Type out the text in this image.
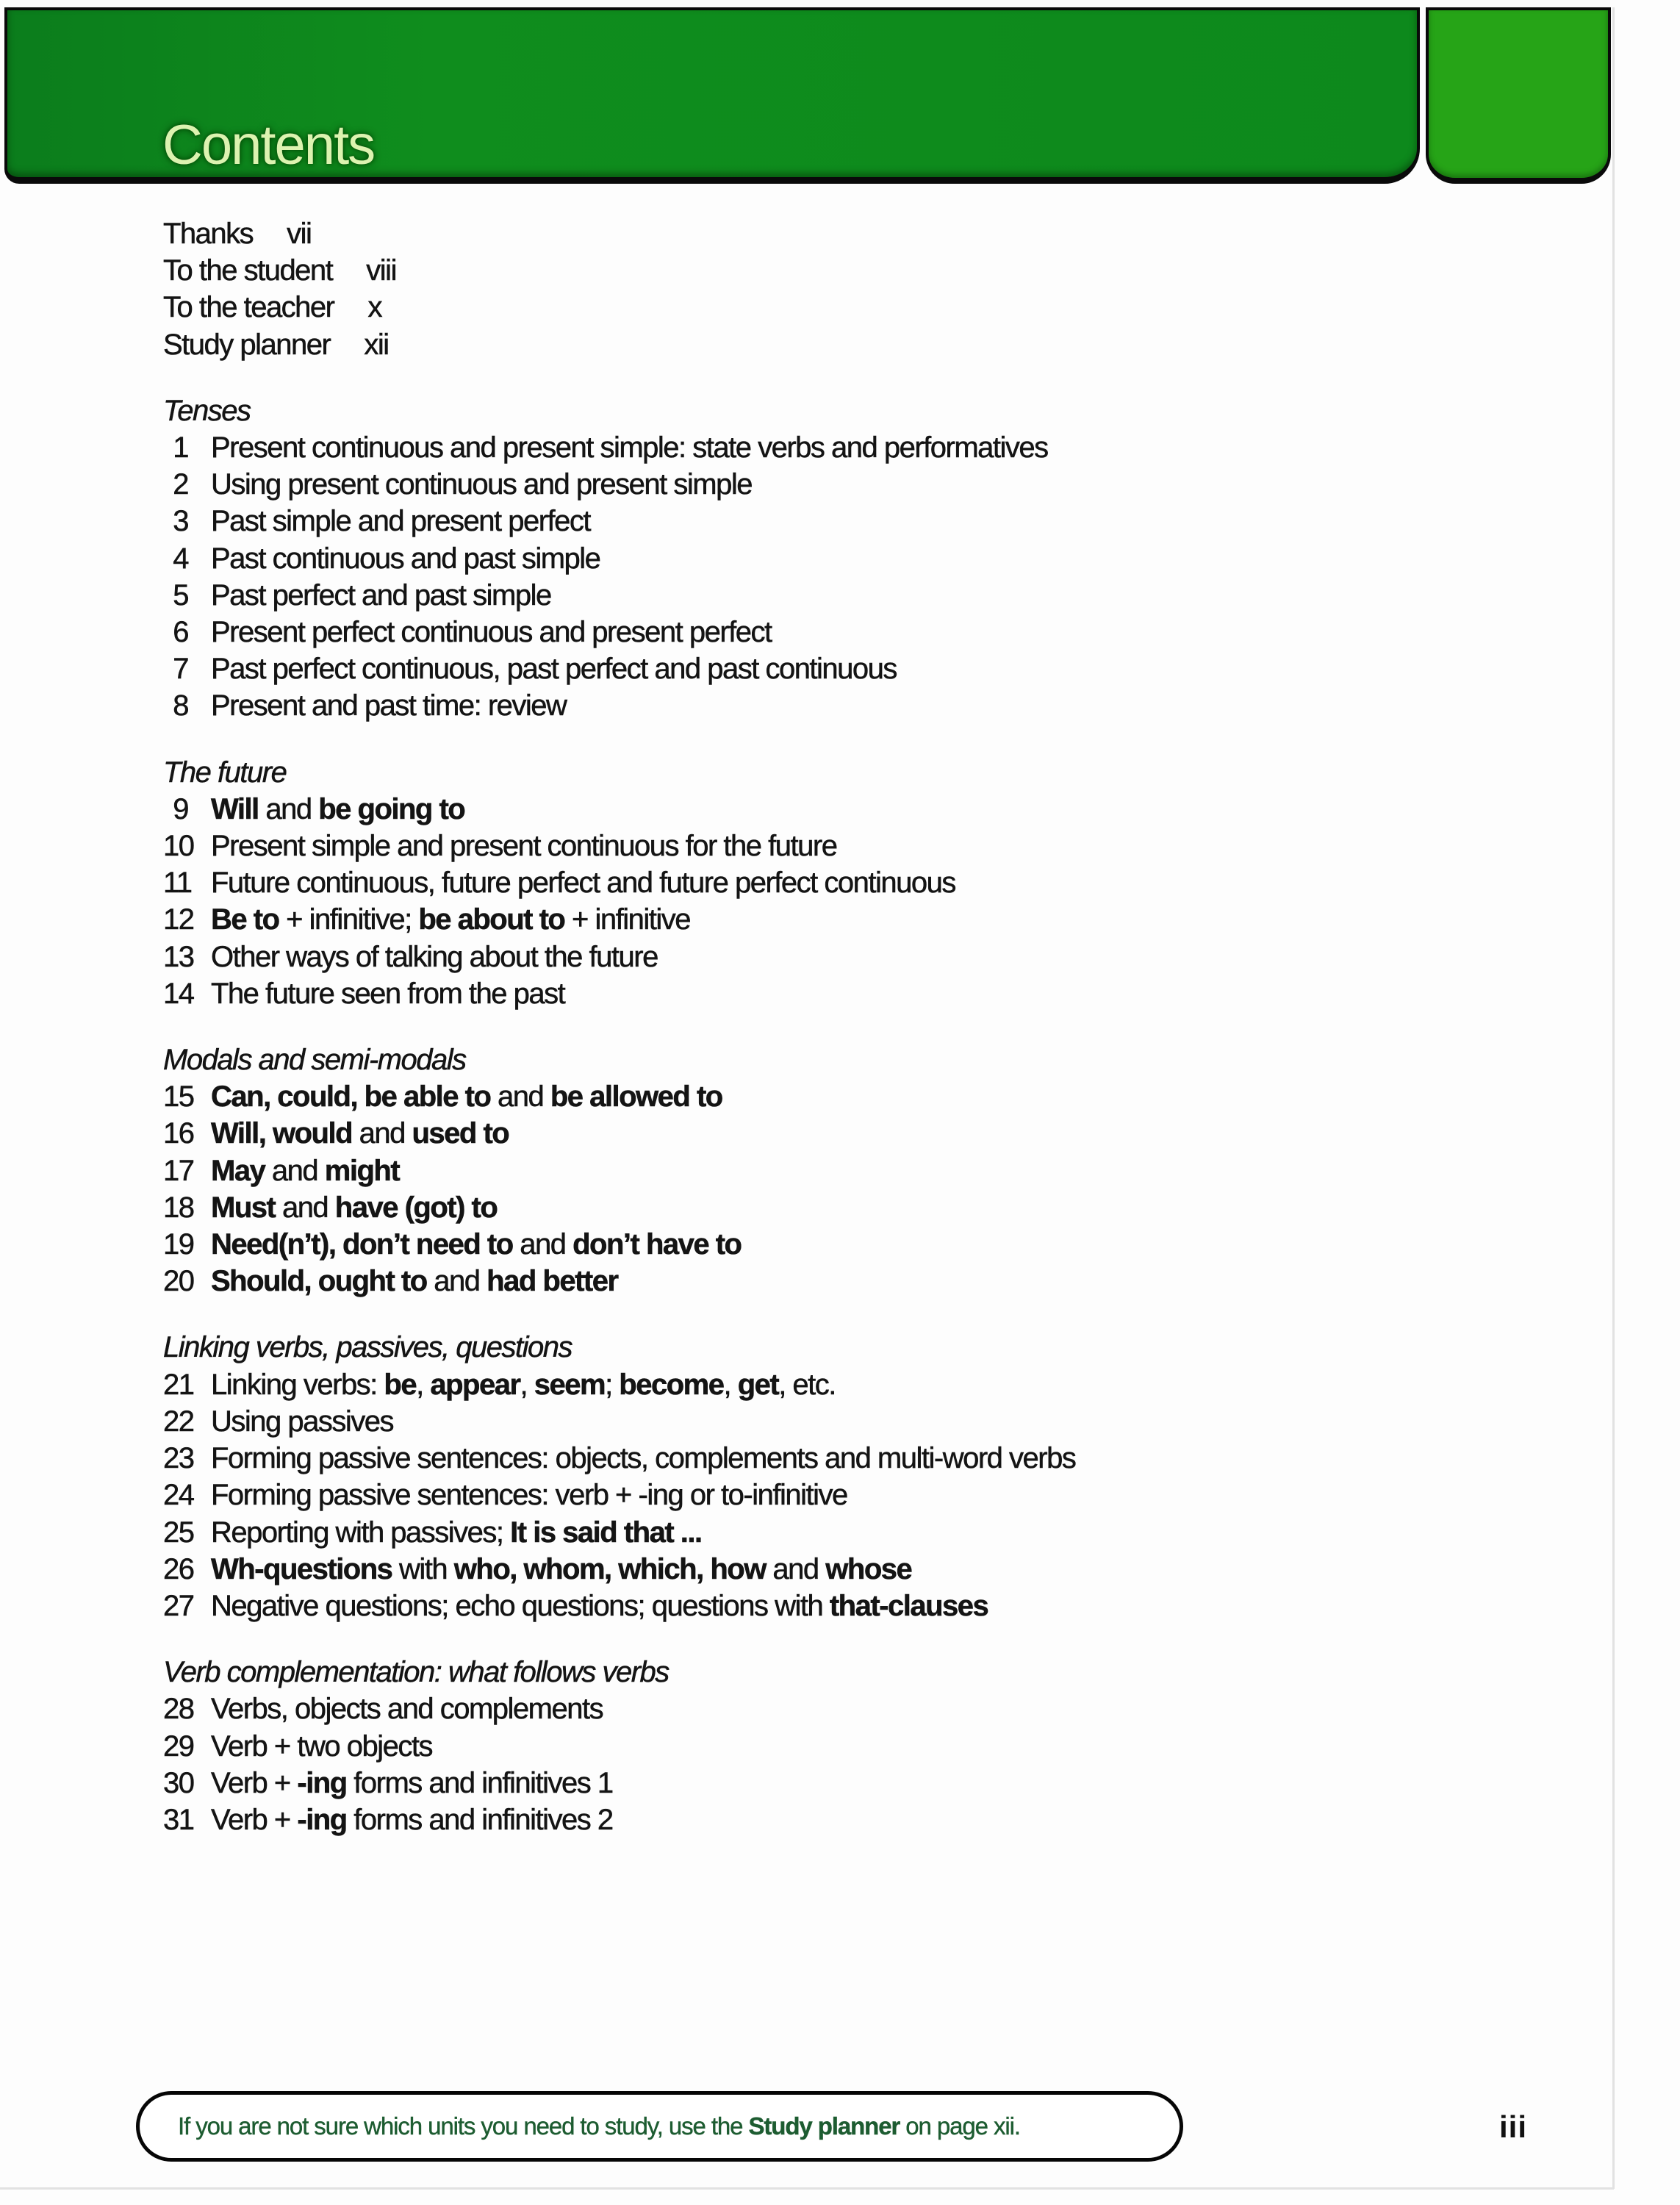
Contents
Thanks vii
To the student viii
To the teacher x
Study planner xii
Tenses
1 Present continuous and present simple: state verbs and performatives
2 Using present continuous and present simple
3 Past simple and present perfect
4 Past continuous and past simple
5 Past perfect and past simple
6 Present perfect continuous and present perfect
7 Past perfect continuous, past perfect and past continuous
8 Present and past time: review
The future
9 Will and be going to
10 Present simple and present continuous for the future
11 Future continuous, future perfect and future perfect continuous
12 Be to + infinitive; be about to + infinitive
13 Other ways of talking about the future
14 The future seen from the past
Modals and semi-modals
15 Can, could, be able to and be allowed to
16 Will, would and used to
17 May and might
18 Must and have (got) to
19 Need(n’t), don’t need to and don’t have to
20 Should, ought to and had better
Linking verbs, passives, questions
21 Linking verbs: be, appear, seem; become, get, etc.
22 Using passives
23 Forming passive sentences: objects, complements and multi-word verbs
24 Forming passive sentences: verb + -ing or to-infinitive
25 Reporting with passives; It is said that ...
26 Wh-questions with who, whom, which, how and whose
27 Negative questions; echo questions; questions with that-clauses
Verb complementation: what follows verbs
28 Verbs, objects and complements
29 Verb + two objects
30 Verb + -ing forms and infinitives 1
31 Verb + -ing forms and infinitives 2
If you are not sure which units you need to study, use the Study planner on page xii.	iii
